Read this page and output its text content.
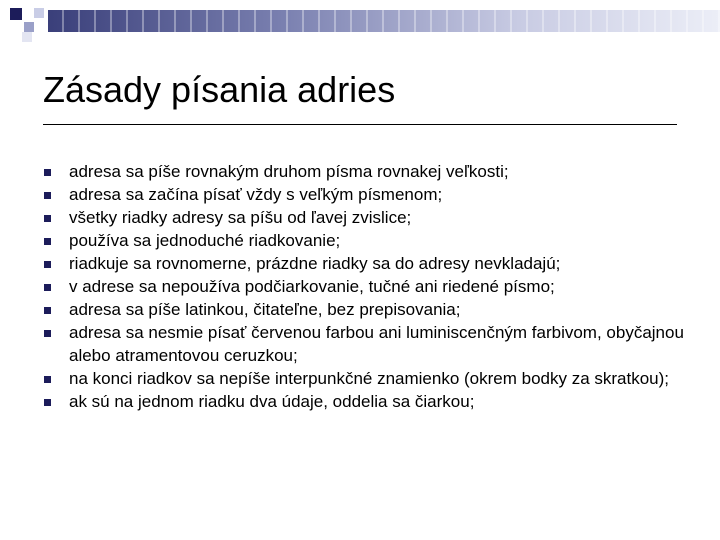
Zásady písania adries
adresa sa píše rovnakým druhom písma rovnakej veľkosti;
adresa sa začína písať vždy s veľkým písmenom;
všetky riadky adresy sa píšu od ľavej zvislice;
používa sa jednoduché riadkovanie;
riadkuje sa rovnomerne, prázdne riadky sa do adresy nevkladajú;
v adrese sa nepoužíva podčiarkovanie, tučné ani riedené písmo;
adresa sa píše latinkou, čitateľne, bez prepisovania;
adresa sa nesmie písať červenou farbou ani luminiscenčným farbivom, obyčajnou alebo atramentovou ceruzkou;
na konci riadkov sa nepíše interpunkčné znamienko (okrem bodky za skratkou);
ak sú na jednom riadku dva údaje, oddelia sa čiarkou;
